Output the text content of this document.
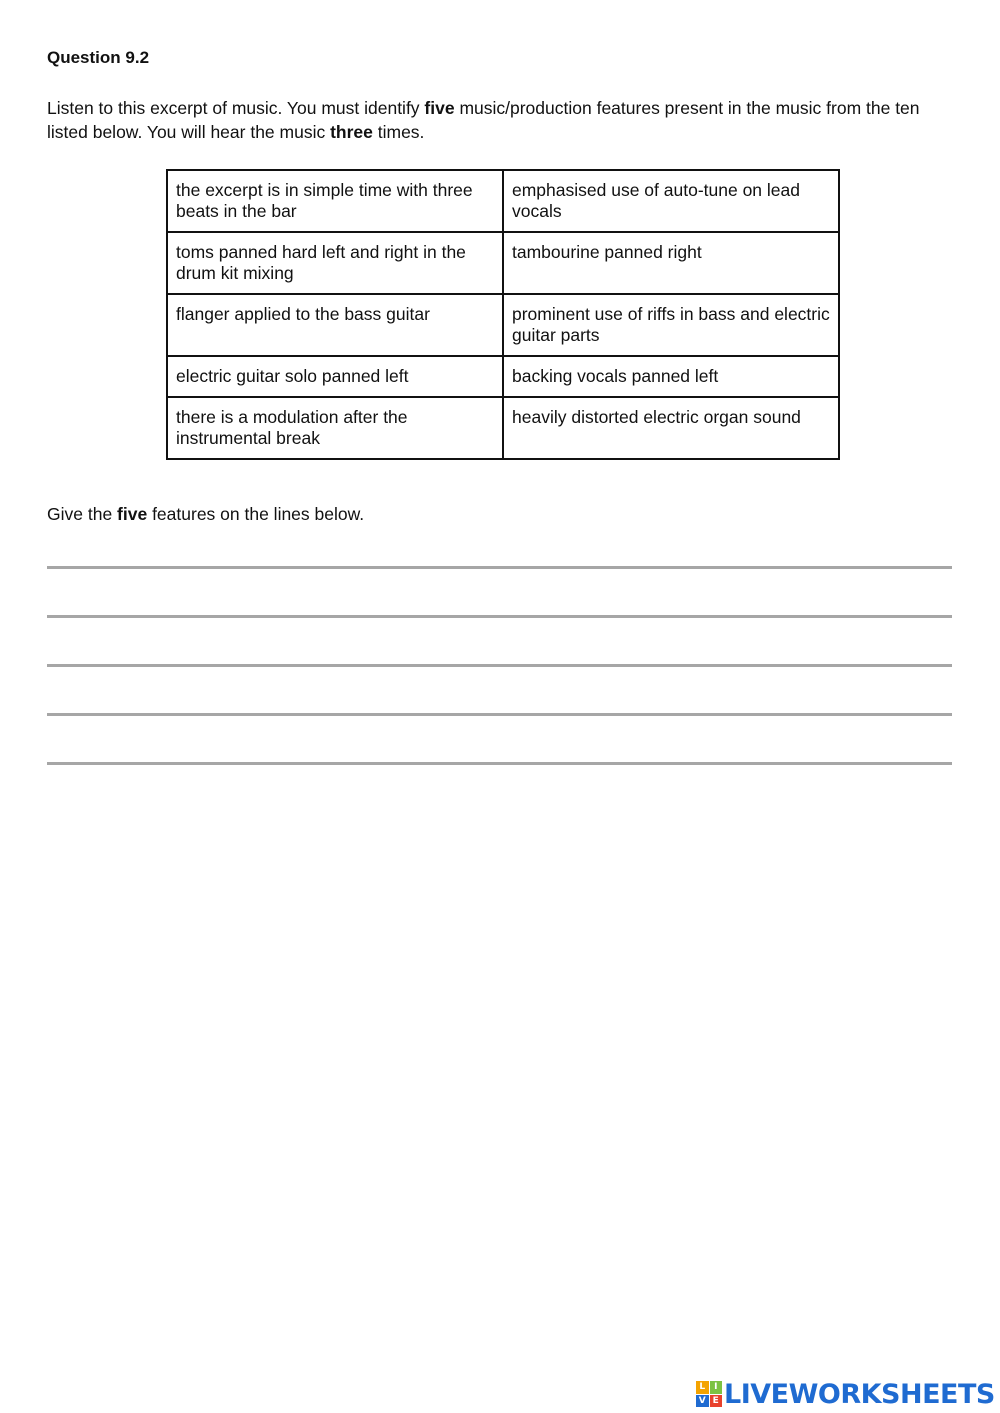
Question 9.2

Listen to this excerpt of music. You must identify five music/production features present in the music from the ten listed below. You will hear the music three times.

the excerpt is in simple time with three beats in the bar	emphasised use of auto-tune on lead vocals
toms panned hard left and right in the drum kit mixing	tambourine panned right
flanger applied to the bass guitar	prominent use of riffs in bass and electric guitar parts
electric guitar solo panned left	backing vocals panned left
there is a modulation after the instrumental break	heavily distorted electric organ sound

Give the five features on the lines below.

L I
V E LIVEWORKSHEETS
